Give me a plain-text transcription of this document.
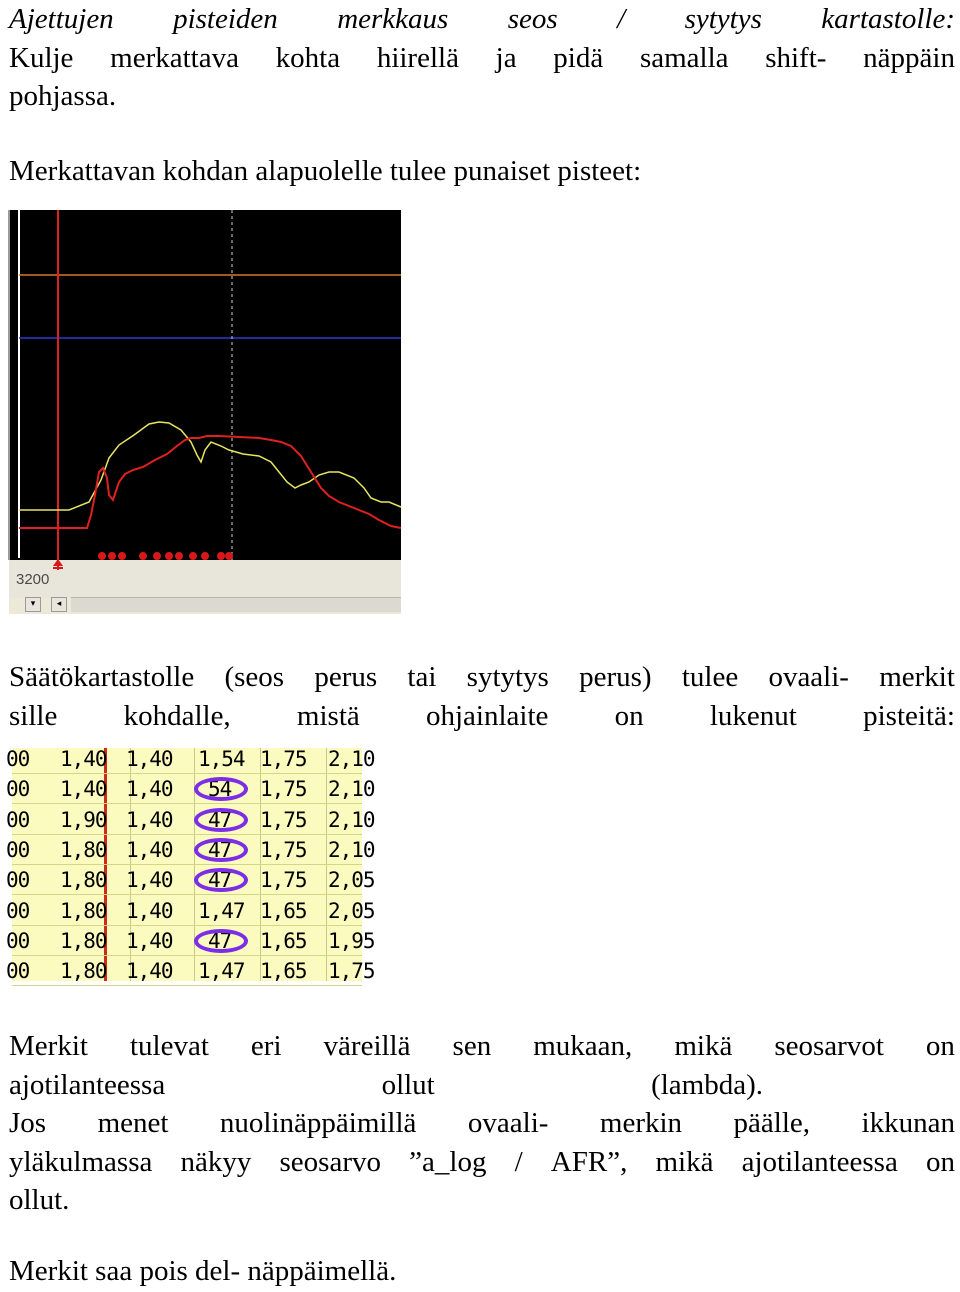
Ajettujen pisteiden merkkaus seos / sytytys kartastolle:
Kulje merkattava kohta hiirellä ja pidä samalla shift- näppäin
pohjassa.
Merkattavan kohdan alapuolelle tulee punaiset pisteet:
3200
▾	◂
Säätökartastolle (seos perus tai sytytys perus) tulee ovaali- merkit
sille kohdalle, mistä ohjainlaite on lukenut pisteitä:
00 1,40 1,40 1,54 1,75 2,10
00 1,40 1,40 54 1,75 2,10
00 1,90 1,40 47 1,75 2,10
00 1,80 1,40 47 1,75 2,10
00 1,80 1,40 47 1,75 2,05
00 1,80 1,40 1,47 1,65 2,05
00 1,80 1,40 47 1,65 1,95
00 1,80 1,40 1,47 1,65 1,75
Merkit tulevat eri väreillä sen mukaan, mikä seosarvot on
ajotilanteessa	ollut	(lambda).
Jos menet nuolinäppäimillä ovaali- merkin päälle, ikkunan
yläkulmassa näkyy seosarvo ”a_log / AFR”, mikä ajotilanteessa on
ollut.
Merkit saa pois del- näppäimellä.
